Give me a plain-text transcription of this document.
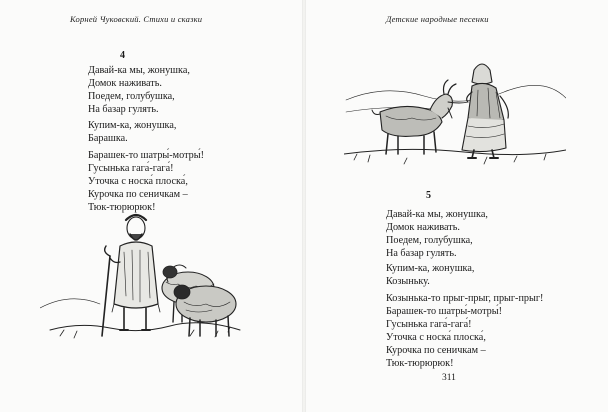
Корней Чуковский. Стихи и сказки
4
Давай-ка мы, жонушка,
Домок наживать.
Поедем, голубушка,
На базар гулять.
Купим-ка, жонушка,
Барашка.
Барашек-то шатры́-мотры́!
Гусынька гага́-гага́!
Уточка с носка́ плоска́,
Курочка по сеничкам –
Тюк-тюрюрюк!
Детские народные песенки
5
Давай-ка мы, жонушка,
Домок наживать.
Поедем, голубушка,
На базар гулять.
Купим-ка, жонушка,
Козыньку.
Козынька-то прыг-прыг, прыг-прыг!
Барашек-то шатры́-мотры́!
Гусынька гага́-гага́!
Уточка с носка́ плоска́,
Курочка по сеничкам –
Тюк-тюрюрюк!
311
